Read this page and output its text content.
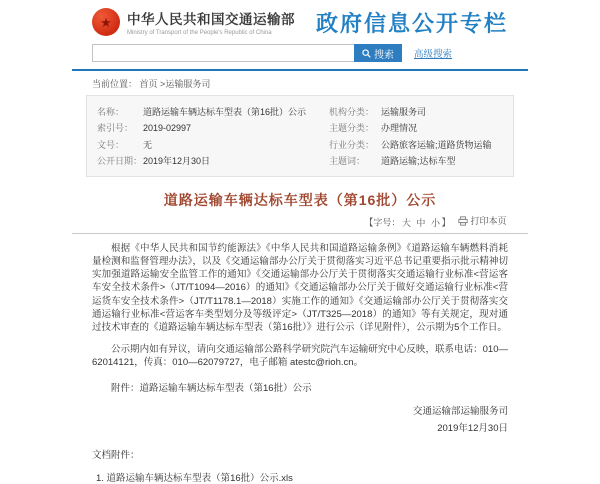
★ 中华人民共和国交通运输部
Ministry of Transport of the People's Republic of China	政府信息公开专栏
搜索 高级搜索
当前位置： 首页 >运输服务司
名称：	道路运输车辆达标车型表（第16批）公示	机构分类： 运输服务司
索引号：	2019-02997	主题分类： 办理情况
文号：	无	行业分类： 公路旅客运输;道路货物运输
公开日期： 2019年12月30日	主题词：	道路运输;达标车型
道路运输车辆达标车型表（第16批）公示
【字号： 大 中 小 】 打印本页

根据《中华人民共和国节约能源法》《中华人民共和国道路运输条例》《道路运输车辆燃料消耗量检测和监督管理办法》，以及《交通运输部办公厅关于贯彻落实习近平总书记重要指示批示精神切实加强道路运输安全监管工作的通知》《交通运输部办公厅关于贯彻落实交通运输行业标准<营运客车安全技术条件>（JT/T1094—2016）的通知》《交通运输部办公厅关于做好交通运输行业标准<营运货车安全技术条件>（JT/T1178.1—2018）实施工作的通知》《交通运输部办公厅关于贯彻落实交通运输行业标准<营运客车类型划分及等级评定>（JT/T325—2018）的通知》等有关规定，现对通过技术审查的《道路运输车辆达标车型表（第16批）》进行公示（详见附件），公示期为5个工作日。

公示期内如有异议，请向交通运输部公路科学研究院汽车运输研究中心反映，联系电话：010—62014121，传真：010—62079727，电子邮箱 atestc@rioh.cn。

附件：道路运输车辆达标车型表（第16批）公示

交通运输部运输服务司
2019年12月30日
文档附件：
1. 道路运输车辆达标车型表（第16批）公示.xls
